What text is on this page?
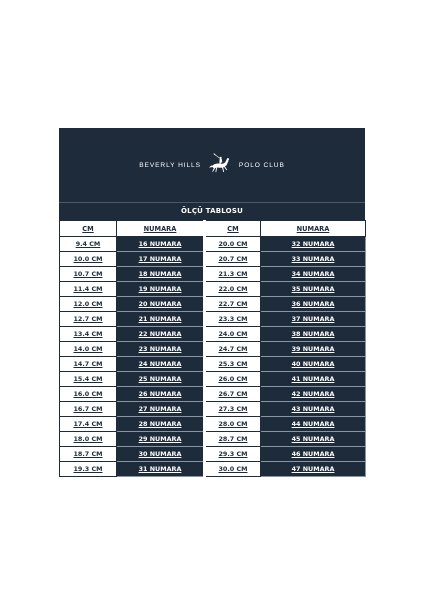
BEVERLY HILLS	POLO CLUB
ÖLÇÜ TABLOSU
CM	NUMARA	CM	NUMARA
9.4 CM	16 NUMARA	20.0 CM	32 NUMARA
10.0 CM	17 NUMARA	20.7 CM	33 NUMARA
10.7 CM	18 NUMARA	21.3 CM	34 NUMARA
11.4 CM	19 NUMARA	22.0 CM	35 NUMARA
12.0 CM	20 NUMARA	22.7 CM	36 NUMARA
12.7 CM	21 NUMARA	23.3 CM	37 NUMARA
13.4 CM	22 NUMARA	24.0 CM	38 NUMARA
14.0 CM	23 NUMARA	24.7 CM	39 NUMARA
14.7 CM	24 NUMARA	25.3 CM	40 NUMARA
15.4 CM	25 NUMARA	26.0 CM	41 NUMARA
16.0 CM	26 NUMARA	26.7 CM	42 NUMARA
16.7 CM	27 NUMARA	27.3 CM	43 NUMARA
17.4 CM	28 NUMARA	28.0 CM	44 NUMARA
18.0 CM	29 NUMARA	28.7 CM	45 NUMARA
18.7 CM	30 NUMARA	29.3 CM	46 NUMARA
19.3 CM	31 NUMARA	30.0 CM	47 NUMARA
